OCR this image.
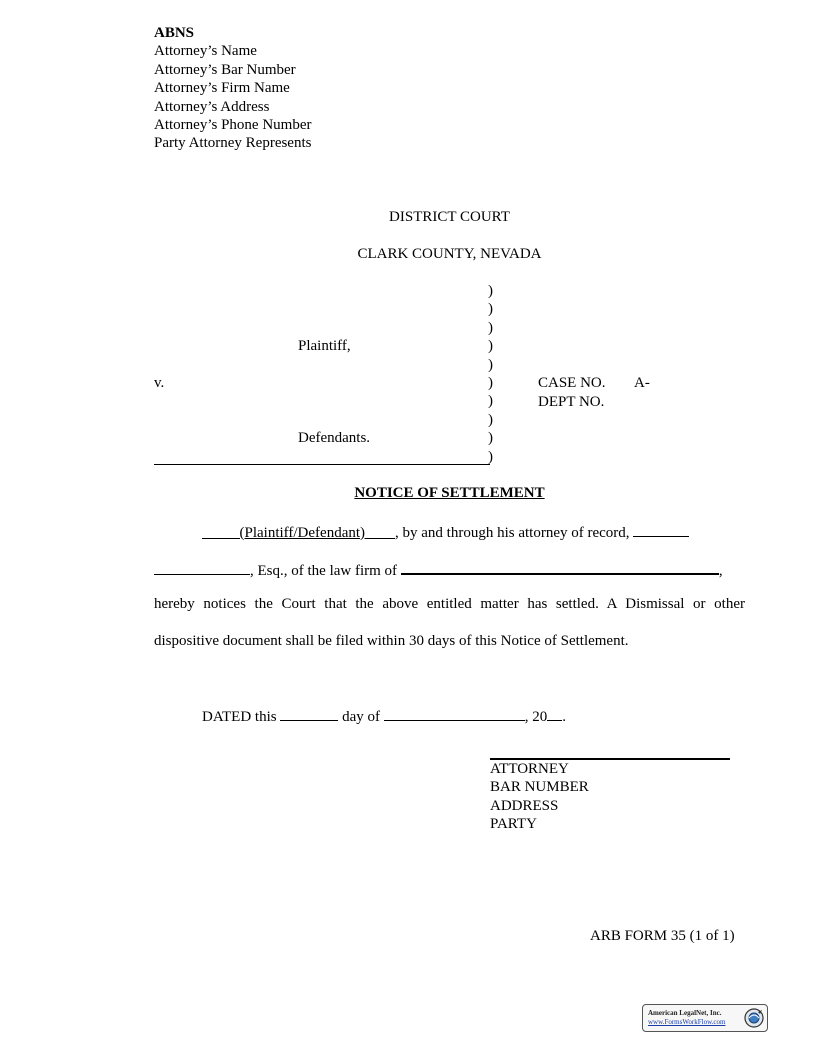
ABNS
Attorney’s Name
Attorney’s Bar Number
Attorney’s Firm Name
Attorney’s Address
Attorney’s Phone Number
Party Attorney Represents
DISTRICT COURT
CLARK COUNTY, NEVADA
)
)
)
)
)
)
)
)
)
)
Plaintiff,
v.
Defendants.
CASE NO. A-
DEPT NO.
NOTICE OF SETTLEMENT
(Plaintiff/Defendant) , by and through his attorney of record,
, Esq., of the law firm of	,
hereby notices the Court that the above entitled matter has settled. A Dismissal or other
dispositive document shall be filed within 30 days of this Notice of Settlement.
DATED this	day of	, 20 .
ATTORNEY
BAR NUMBER
ADDRESS
PARTY
ARB FORM 35 (1 of 1)
American LegalNet, Inc.
www.FormsWorkFlow.com
